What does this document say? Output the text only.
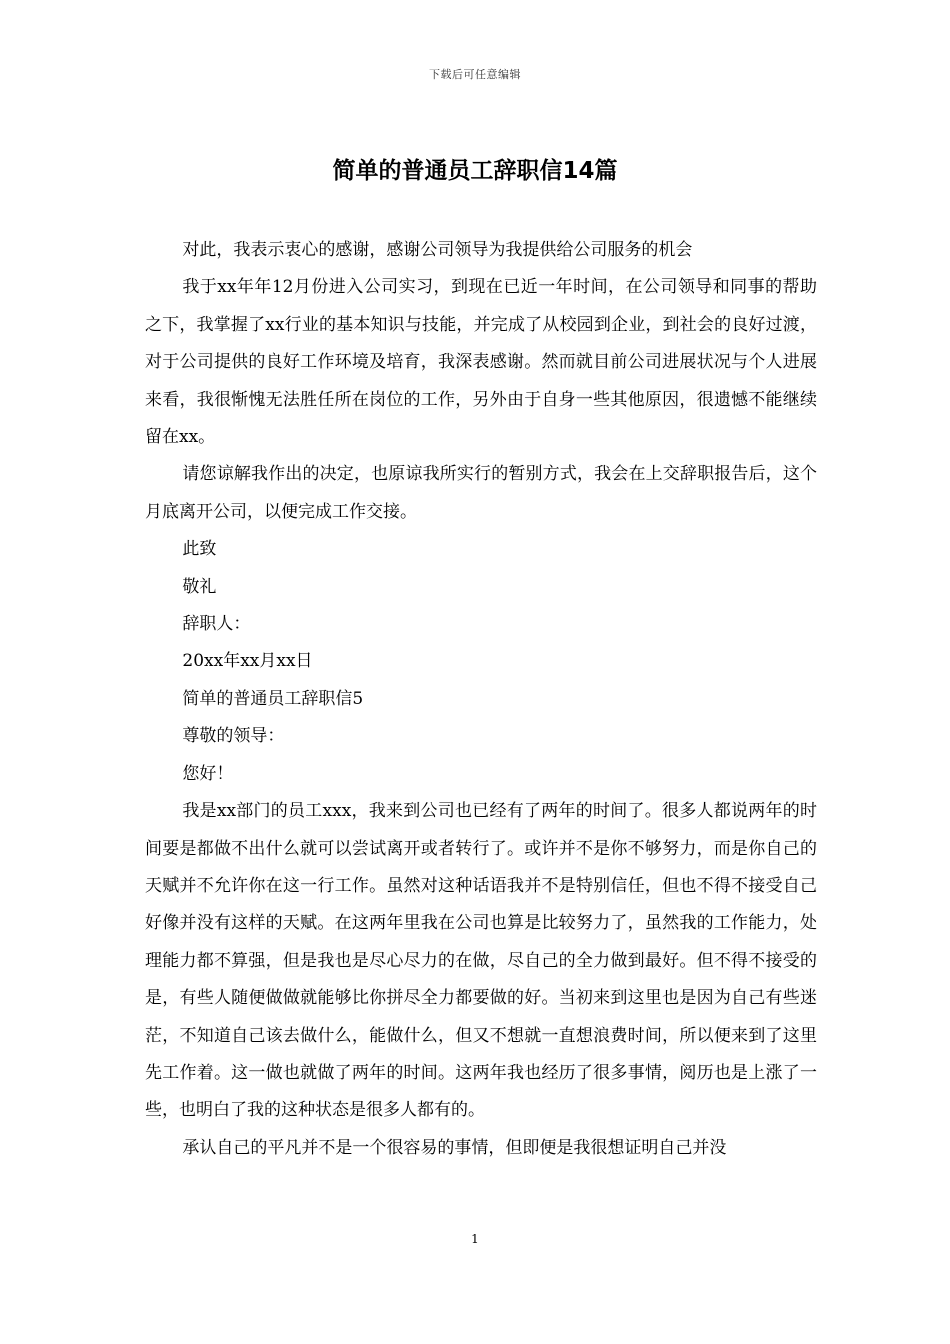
下载后可任意编辑
简单的普通员工辞职信14篇

对此，我表示衷心的感谢，感谢公司领导为我提供给公司服务的机会

我于xx年年12月份进入公司实习，到现在已近一年时间，在公司领导和同事的帮助之下，我掌握了xx行业的基本知识与技能，并完成了从校园到企业，到社会的良好过渡，对于公司提供的良好工作环境及培育，我深表感谢。然而就目前公司进展状况与个人进展来看，我很惭愧无法胜任所在岗位的工作，另外由于自身一些其他原因，很遗憾不能继续留在xx。

请您谅解我作出的决定，也原谅我所实行的暂别方式，我会在上交辞职报告后，这个月底离开公司，以便完成工作交接。

此致

敬礼

辞职人：

20xx年xx月xx日

简单的普通员工辞职信5

尊敬的领导：

您好！

我是xx部门的员工xxx，我来到公司也已经有了两年的时间了。很多人都说两年的时间要是都做不出什么就可以尝试离开或者转行了。或许并不是你不够努力，而是你自己的天赋并不允许你在这一行工作。虽然对这种话语我并不是特别信任，但也不得不接受自己好像并没有这样的天赋。在这两年里我在公司也算是比较努力了，虽然我的工作能力，处理能力都不算强，但是我也是尽心尽力的在做，尽自己的全力做到最好。但不得不接受的是，有些人随便做做就能够比你拼尽全力都要做的好。当初来到这里也是因为自己有些迷茫，不知道自己该去做什么，能做什么，但又不想就一直想浪费时间，所以便来到了这里先工作着。这一做也就做了两年的时间。这两年我也经历了很多事情，阅历也是上涨了一些，也明白了我的这种状态是很多人都有的。

承认自己的平凡并不是一个很容易的事情，但即便是我很想证明自己并没

1
